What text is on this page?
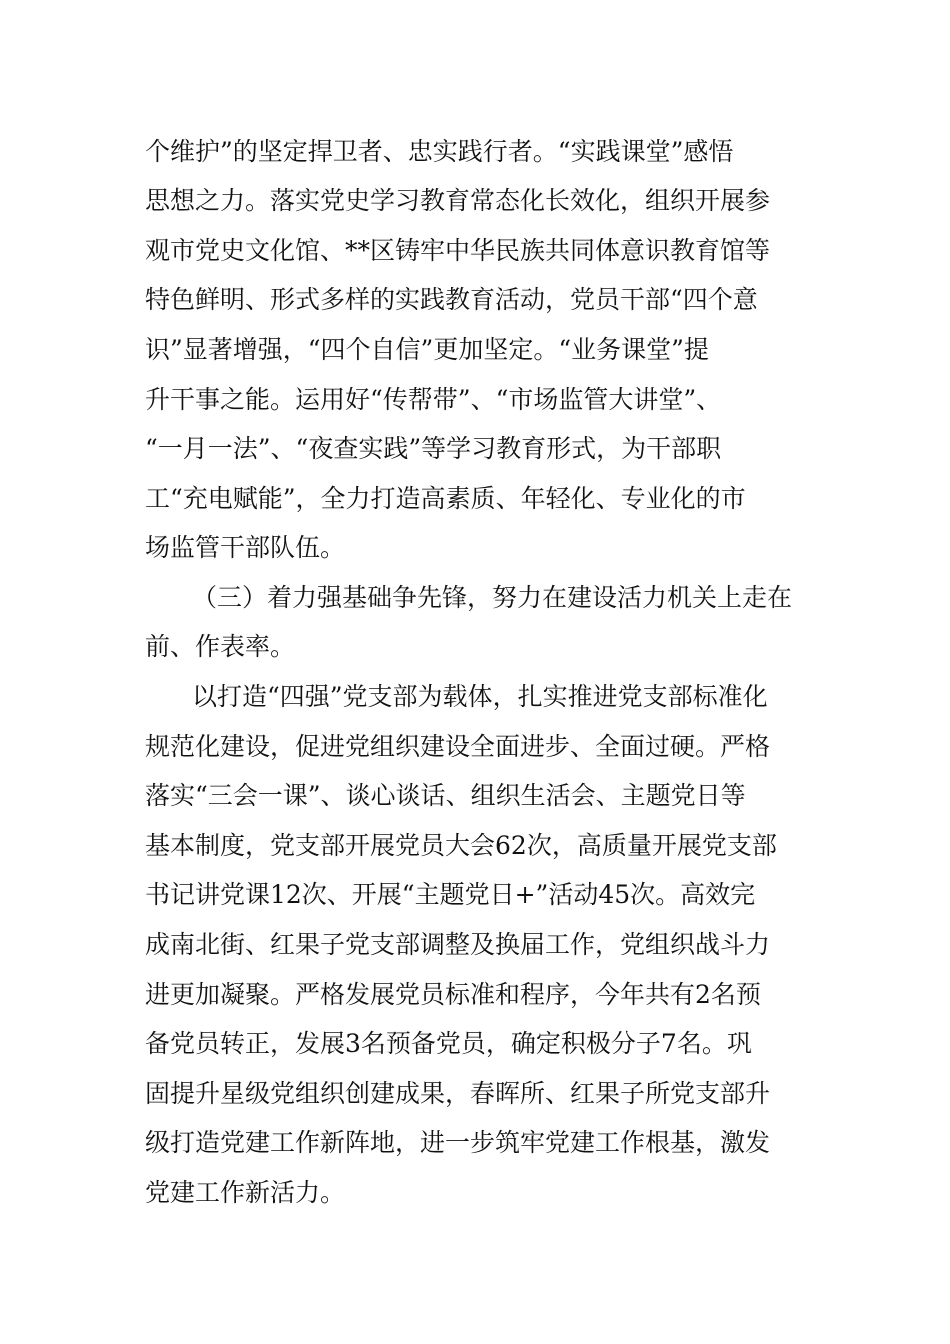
个维护”的坚定捍卫者、忠实践行者。“实践课堂”感悟
思想之力。落实党史学习教育常态化长效化，组织开展参
观市党史文化馆、**区铸牢中华民族共同体意识教育馆等
特色鲜明、形式多样的实践教育活动，党员干部“四个意
识”显著增强，“四个自信”更加坚定。“业务课堂”提
升干事之能。运用好“传帮带”、“市场监管大讲堂”、
“一月一法”、“夜查实践”等学习教育形式，为干部职
工“充电赋能”，全力打造高素质、年轻化、专业化的市
场监管干部队伍。
（三）着力强基础争先锋，努力在建设活力机关上走在
前、作表率。
以打造“四强”党支部为载体，扎实推进党支部标准化
规范化建设，促进党组织建设全面进步、全面过硬。严格
落实“三会一课”、谈心谈话、组织生活会、主题党日等
基本制度，党支部开展党员大会62次，高质量开展党支部
书记讲党课12次、开展“主题党日+”活动45次。高效完
成南北街、红果子党支部调整及换届工作，党组织战斗力
进更加凝聚。严格发展党员标准和程序，今年共有2名预
备党员转正，发展3名预备党员，确定积极分子7名。巩
固提升星级党组织创建成果，春晖所、红果子所党支部升
级打造党建工作新阵地，进一步筑牢党建工作根基，激发
党建工作新活力。
